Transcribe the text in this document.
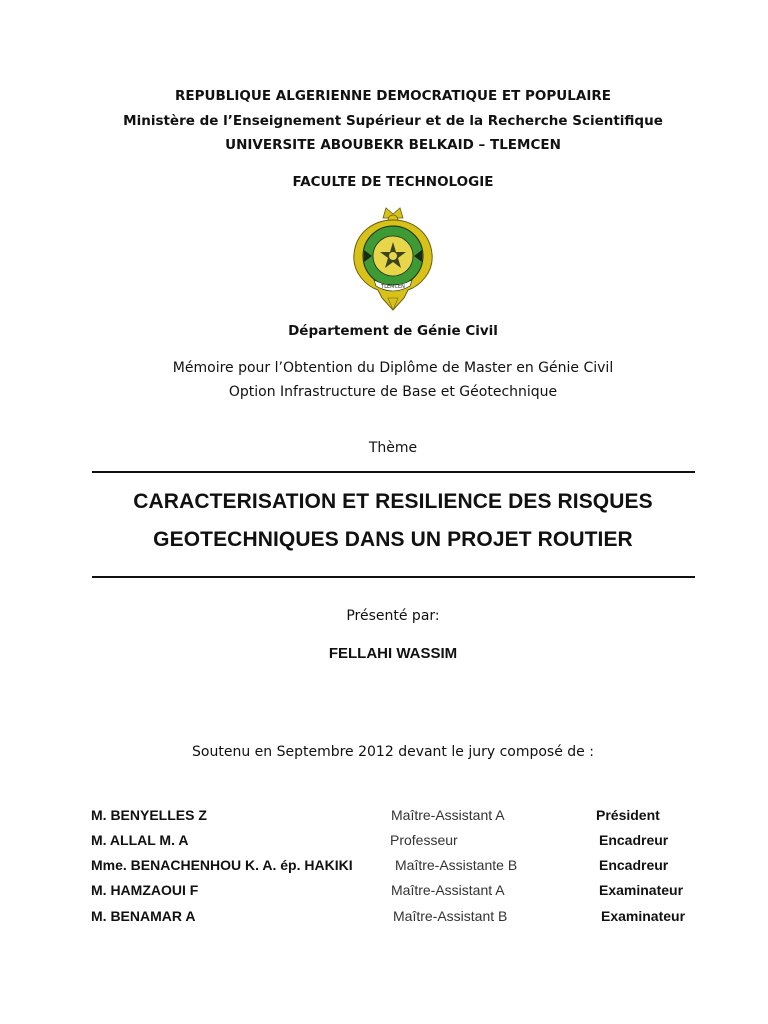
REPUBLIQUE ALGERIENNE DEMOCRATIQUE ET POPULAIRE
Ministère de l’Enseignement Supérieur et de la Recherche Scientifique
UNIVERSITE ABOUBEKR BELKAID – TLEMCEN
FACULTE DE TECHNOLOGIE
TLEMCEN
Département de Génie Civil
Mémoire pour l’Obtention du Diplôme de Master en Génie Civil
Option Infrastructure de Base et Géotechnique
Thème
CARACTERISATION ET RESILIENCE DES RISQUES
GEOTECHNIQUES DANS UN PROJET ROUTIER
Présenté par:
FELLAHI WASSIM
Soutenu en Septembre 2012 devant le jury composé de :
M. BENYELLES Z	Maître-Assistant A	Président
M. ALLAL M. A	Professeur	Encadreur
Mme. BENACHENHOU K. A. ép. HAKIKI	Maître-Assistante B	Encadreur
M. HAMZAOUI F	Maître-Assistant A	Examinateur
M. BENAMAR A	Maître-Assistant B	Examinateur
